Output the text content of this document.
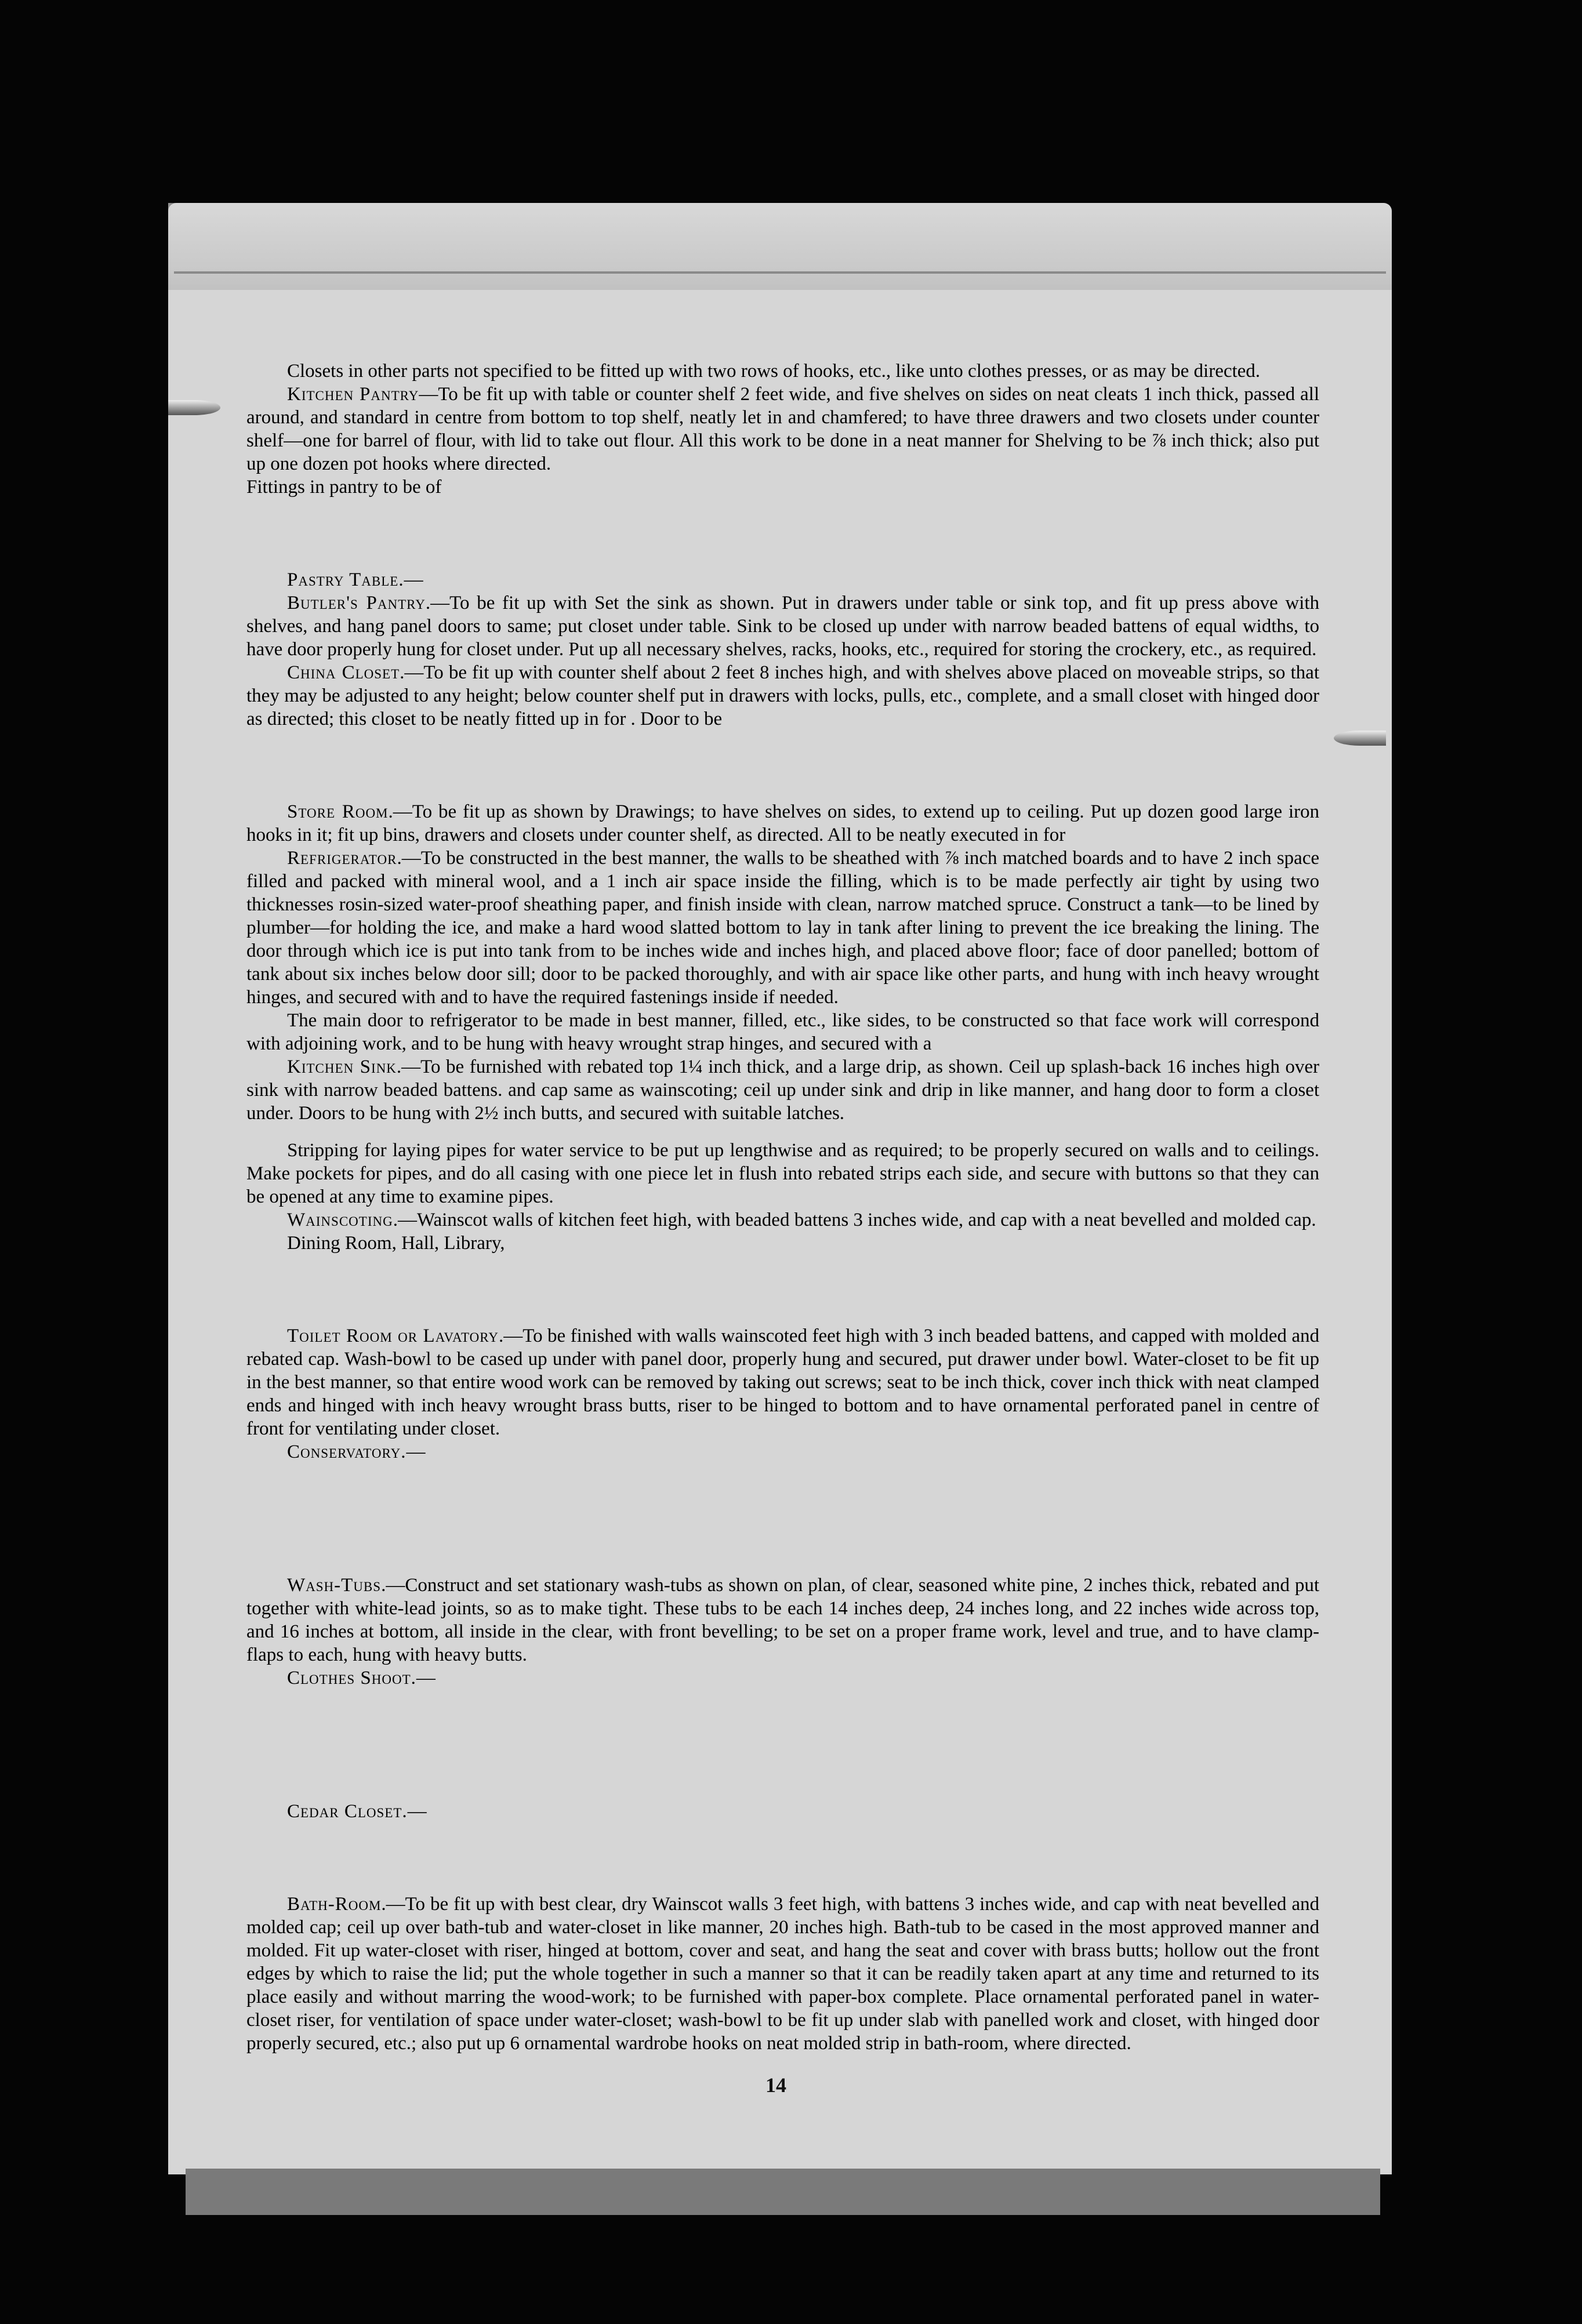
Closets in other parts not specified to be fitted up with two rows of hooks, etc., like unto clothes presses, or as may be directed.

Kitchen Pantry—To be fit up with table or counter shelf 2 feet wide, and five shelves on sides on neat cleats 1 inch thick, passed all around, and standard in centre from bottom to top shelf, neatly let in and chamfered; to have three drawers and two closets under counter shelf—one for barrel of flour, with lid to take out flour. All this work to be done in a neat manner for Shelving to be ⅞ inch thick; also put up one dozen pot hooks where directed.

Fittings in pantry to be of

Pastry Table.—

Butler's Pantry.—To be fit up with Set the sink as shown. Put in drawers under table or sink top, and fit up press above with shelves, and hang panel doors to same; put closet under table. Sink to be closed up under with narrow beaded battens of equal widths, to have door properly hung for closet under. Put up all necessary shelves, racks, hooks, etc., required for storing the crockery, etc., as required.

China Closet.—To be fit up with counter shelf about 2 feet 8 inches high, and with shelves above placed on moveable strips, so that they may be adjusted to any height; below counter shelf put in drawers with locks, pulls, etc., complete, and a small closet with hinged door as directed; this closet to be neatly fitted up in for . Door to be

Store Room.—To be fit up as shown by Drawings; to have shelves on sides, to extend up to ceiling. Put up dozen good large iron hooks in it; fit up bins, drawers and closets under counter shelf, as directed. All to be neatly executed in for

Refrigerator.—To be constructed in the best manner, the walls to be sheathed with ⅞ inch matched boards and to have 2 inch space filled and packed with mineral wool, and a 1 inch air space inside the filling, which is to be made perfectly air tight by using two thicknesses rosin-sized water-proof sheathing paper, and finish inside with clean, narrow matched spruce. Construct a tank—to be lined by plumber—for holding the ice, and make a hard wood slatted bottom to lay in tank after lining to prevent the ice breaking the lining. The door through which ice is put into tank from to be inches wide and inches high, and placed above floor; face of door panelled; bottom of tank about six inches below door sill; door to be packed thoroughly, and with air space like other parts, and hung with inch heavy wrought hinges, and secured with and to have the required fastenings inside if needed.

The main door to refrigerator to be made in best manner, filled, etc., like sides, to be constructed so that face work will correspond with adjoining work, and to be hung with heavy wrought strap hinges, and secured with a

Kitchen Sink.—To be furnished with rebated top 1¼ inch thick, and a large drip, as shown. Ceil up splash-back 16 inches high over sink with narrow beaded battens. and cap same as wainscoting; ceil up under sink and drip in like manner, and hang door to form a closet under. Doors to be hung with 2½ inch butts, and secured with suitable latches.

Stripping for laying pipes for water service to be put up lengthwise and as required; to be properly secured on walls and to ceilings. Make pockets for pipes, and do all casing with one piece let in flush into rebated strips each side, and secure with buttons so that they can be opened at any time to examine pipes.

Wainscoting.—Wainscot walls of kitchen feet high, with beaded battens 3 inches wide, and cap with a neat bevelled and molded cap.

Dining Room, Hall, Library,

Toilet Room or Lavatory.—To be finished with walls wainscoted feet high with 3 inch beaded battens, and capped with molded and rebated cap. Wash-bowl to be cased up under with panel door, properly hung and secured, put drawer under bowl. Water-closet to be fit up in the best manner, so that entire wood work can be removed by taking out screws; seat to be inch thick, cover inch thick with neat clamped ends and hinged with inch heavy wrought brass butts, riser to be hinged to bottom and to have ornamental perforated panel in centre of front for ventilating under closet.

Conservatory.—

Wash-Tubs.—Construct and set stationary wash-tubs as shown on plan, of clear, seasoned white pine, 2 inches thick, rebated and put together with white-lead joints, so as to make tight. These tubs to be each 14 inches deep, 24 inches long, and 22 inches wide across top, and 16 inches at bottom, all inside in the clear, with front bevelling; to be set on a proper frame work, level and true, and to have clamp-flaps to each, hung with heavy butts.

Clothes Shoot.—

Cedar Closet.—

Bath-Room.—To be fit up with best clear, dry Wainscot walls 3 feet high, with battens 3 inches wide, and cap with neat bevelled and molded cap; ceil up over bath-tub and water-closet in like manner, 20 inches high. Bath-tub to be cased in the most approved manner and molded. Fit up water-closet with riser, hinged at bottom, cover and seat, and hang the seat and cover with brass butts; hollow out the front edges by which to raise the lid; put the whole together in such a manner so that it can be readily taken apart at any time and returned to its place easily and without marring the wood-work; to be furnished with paper-box complete. Place ornamental perforated panel in water-closet riser, for ventilation of space under water-closet; wash-bowl to be fit up under slab with panelled work and closet, with hinged door properly secured, etc.; also put up 6 ornamental wardrobe hooks on neat molded strip in bath-room, where directed.

14
